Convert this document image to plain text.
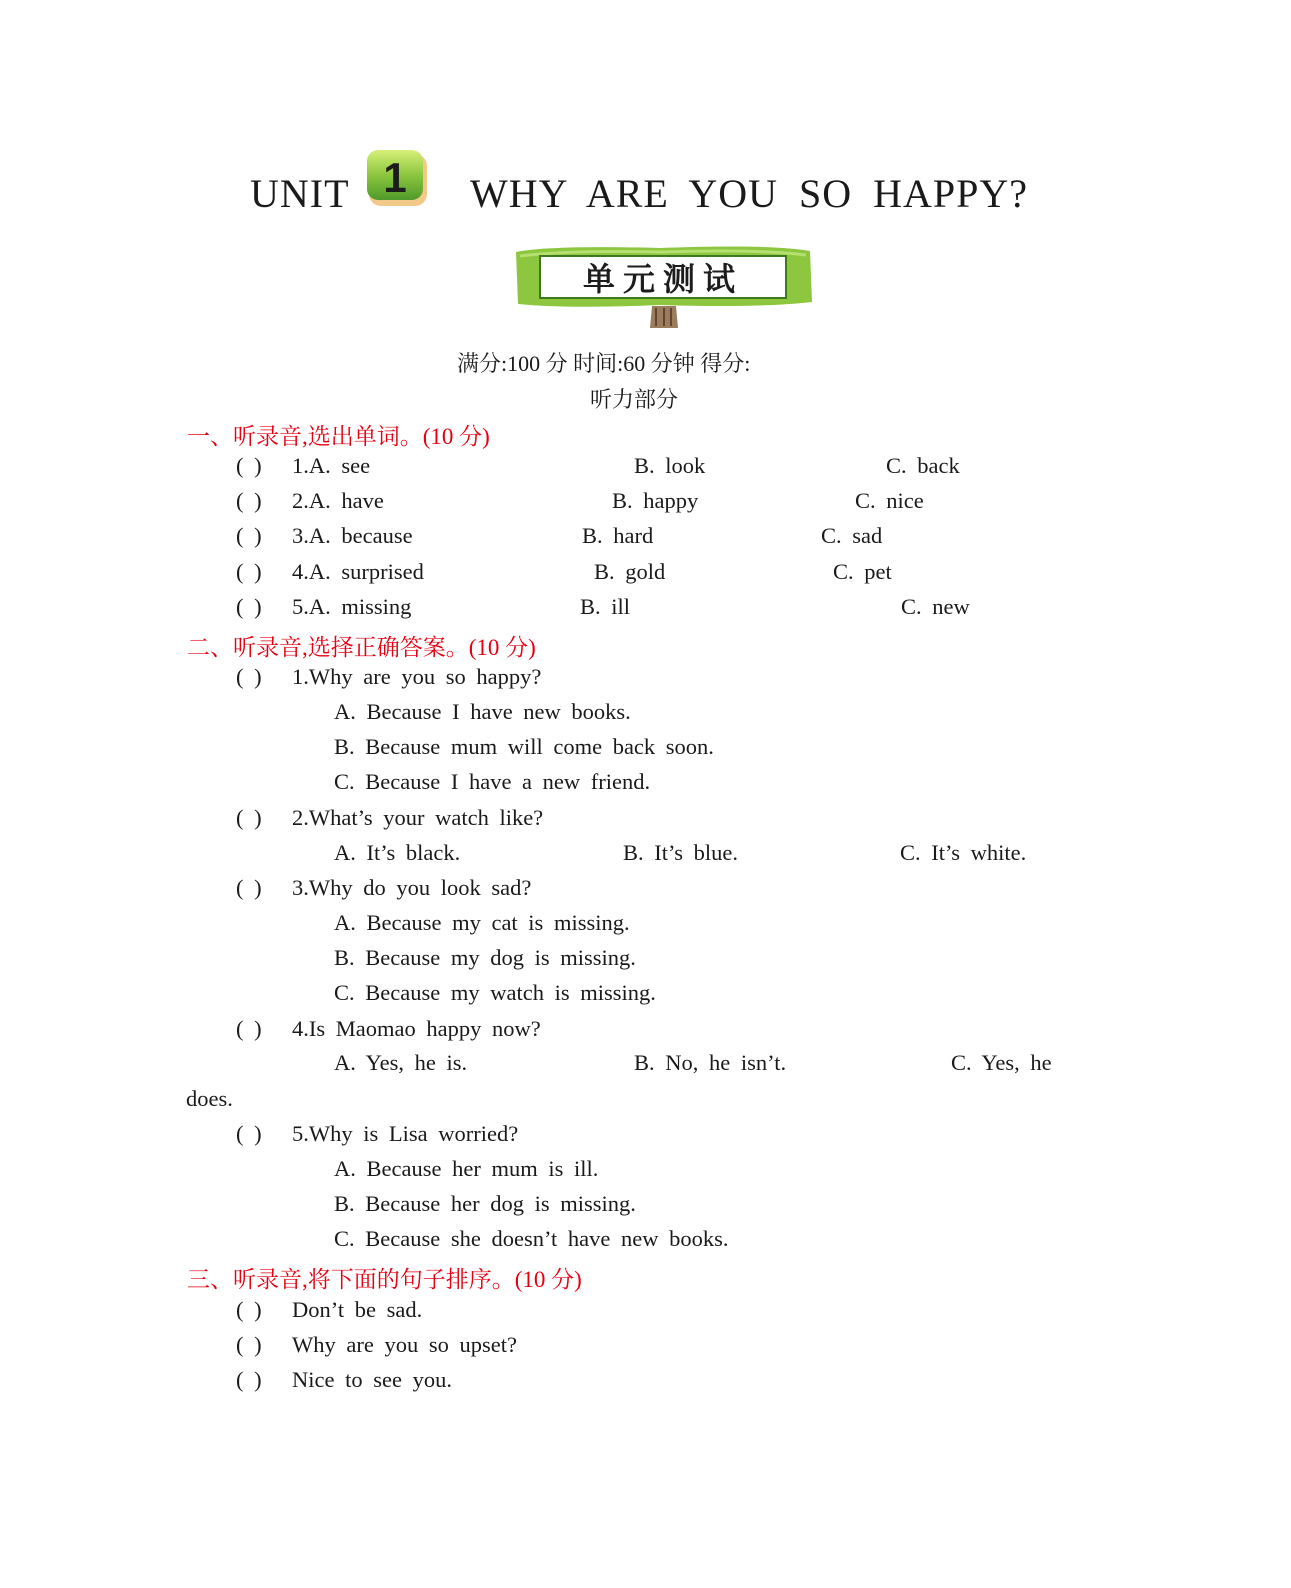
UNIT 1 WHY ARE YOU SO HAPPY?
单元测试
满分:100 分 时间:60 分钟 得分:
听力部分
一、听录音,选出单词。(10 分)
( ) 1.A. see	B. look	C. back
( ) 2.A. have	B. happy	C. nice
( ) 3.A. because	B. hard	C. sad
( ) 4.A. surprised	B. gold	C. pet
( ) 5.A. missing	B. ill	C. new
二、听录音,选择正确答案。(10 分)
( ) 1.Why are you so happy?
A. Because I have new books.
B. Because mum will come back soon.
C. Because I have a new friend.
( ) 2.What’s your watch like?
A. It’s black.	B. It’s blue.	C. It’s white.
( ) 3.Why do you look sad?
A. Because my cat is missing.
B. Because my dog is missing.
C. Because my watch is missing.
( ) 4.Is Maomao happy now?
A. Yes, he is.	B. No, he isn’t.	C. Yes, he
does.
( ) 5.Why is Lisa worried?
A. Because her mum is ill.
B. Because her dog is missing.
C. Because she doesn’t have new books.
三、听录音,将下面的句子排序。(10 分)
( ) Don’t be sad.
( ) Why are you so upset?
( ) Nice to see you.
